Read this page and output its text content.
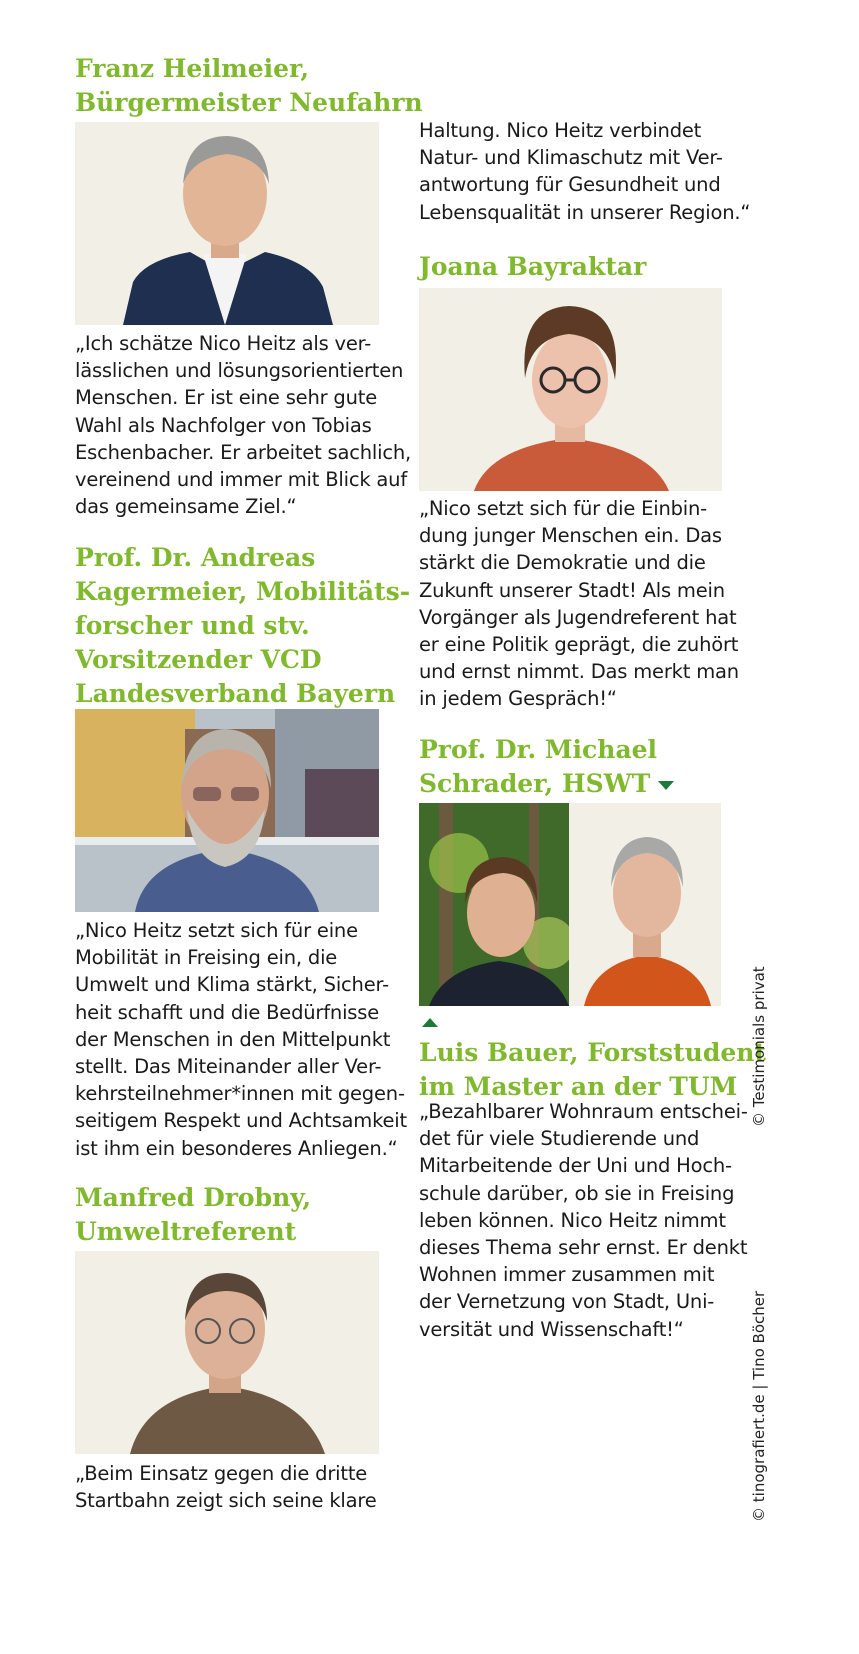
Franz Heilmeier,
Bürgermeister Neufahrn

„Ich schätze Nico Heitz als ver-
lässlichen und lösungsorientierten
Menschen. Er ist eine sehr gute
Wahl als Nachfolger von Tobias
Eschenbacher. Er arbeitet sachlich,
vereinend und immer mit Blick auf
das gemeinsame Ziel.“

Prof. Dr. Andreas
Kagermeier, Mobilitäts-
forscher und stv.
Vorsitzender VCD
Landesverband Bayern

„Nico Heitz setzt sich für eine
Mobilität in Freising ein, die
Umwelt und Klima stärkt, Sicher-
heit schafft und die Bedürfnisse
der Menschen in den Mittelpunkt
stellt. Das Miteinander aller Ver-
kehrsteilnehmer*innen mit gegen-
seitigem Respekt und Achtsamkeit
ist ihm ein besonderes Anliegen.“

Manfred Drobny,
Umweltreferent

„Beim Einsatz gegen die dritte
Startbahn zeigt sich seine klare

Haltung. Nico Heitz verbindet
Natur- und Klimaschutz mit Ver-
antwortung für Gesundheit und
Lebensqualität in unserer Region.“

Joana Bayraktar

„Nico setzt sich für die Einbin-
dung junger Menschen ein. Das
stärkt die Demokratie und die
Zukunft unserer Stadt! Als mein
Vorgänger als Jugendreferent hat
er eine Politik geprägt, die zuhört
und ernst nimmt. Das merkt man
in jedem Gespräch!“

Prof. Dr. Michael
Schrader, HSWT
Luis Bauer, Forststudent
im Master an der TUM

„Bezahlbarer Wohnraum entschei-
det für viele Studierende und
Mitarbeitende der Uni und Hoch-
schule darüber, ob sie in Freising
leben können. Nico Heitz nimmt
dieses Thema sehr ernst. Er denkt
Wohnen immer zusammen mit
der Vernetzung von Stadt, Uni-
versität und Wissenschaft!“

© Testimonials privat
© tinografiert.de | Tino Böcher
